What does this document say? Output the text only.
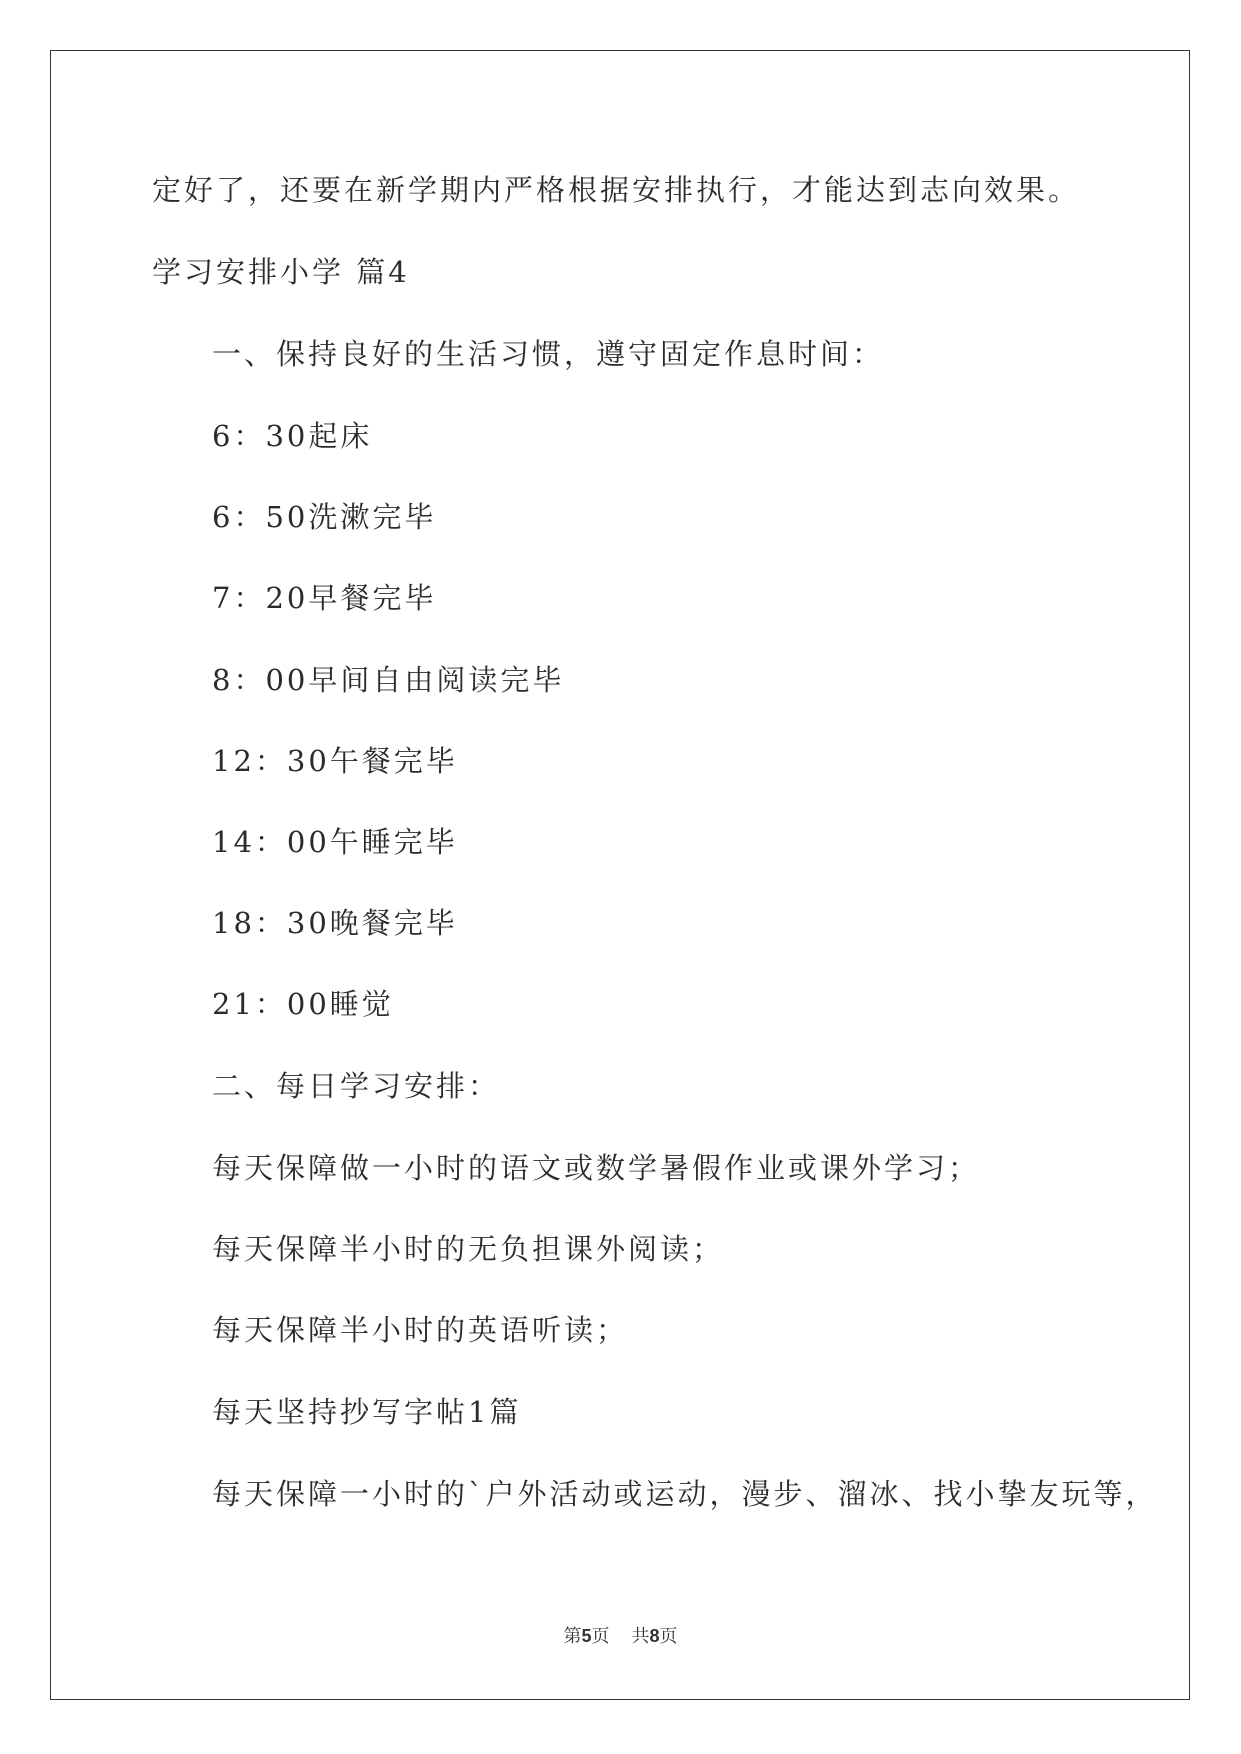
定好了，还要在新学期内严格根据安排执行，才能达到志向效果。
学习安排小学 篇4
一、保持良好的生活习惯，遵守固定作息时间：
6：30起床
6：50洗漱完毕
7：20早餐完毕
8：00早间自由阅读完毕
12：30午餐完毕
14：00午睡完毕
18：30晚餐完毕
21：00睡觉
二、每日学习安排：
每天保障做一小时的语文或数学暑假作业或课外学习；
每天保障半小时的无负担课外阅读；
每天保障半小时的英语听读；
每天坚持抄写字帖1篇
每天保障一小时的`户外活动或运动，漫步、溜冰、找小挚友玩等，
第5页 共8页
